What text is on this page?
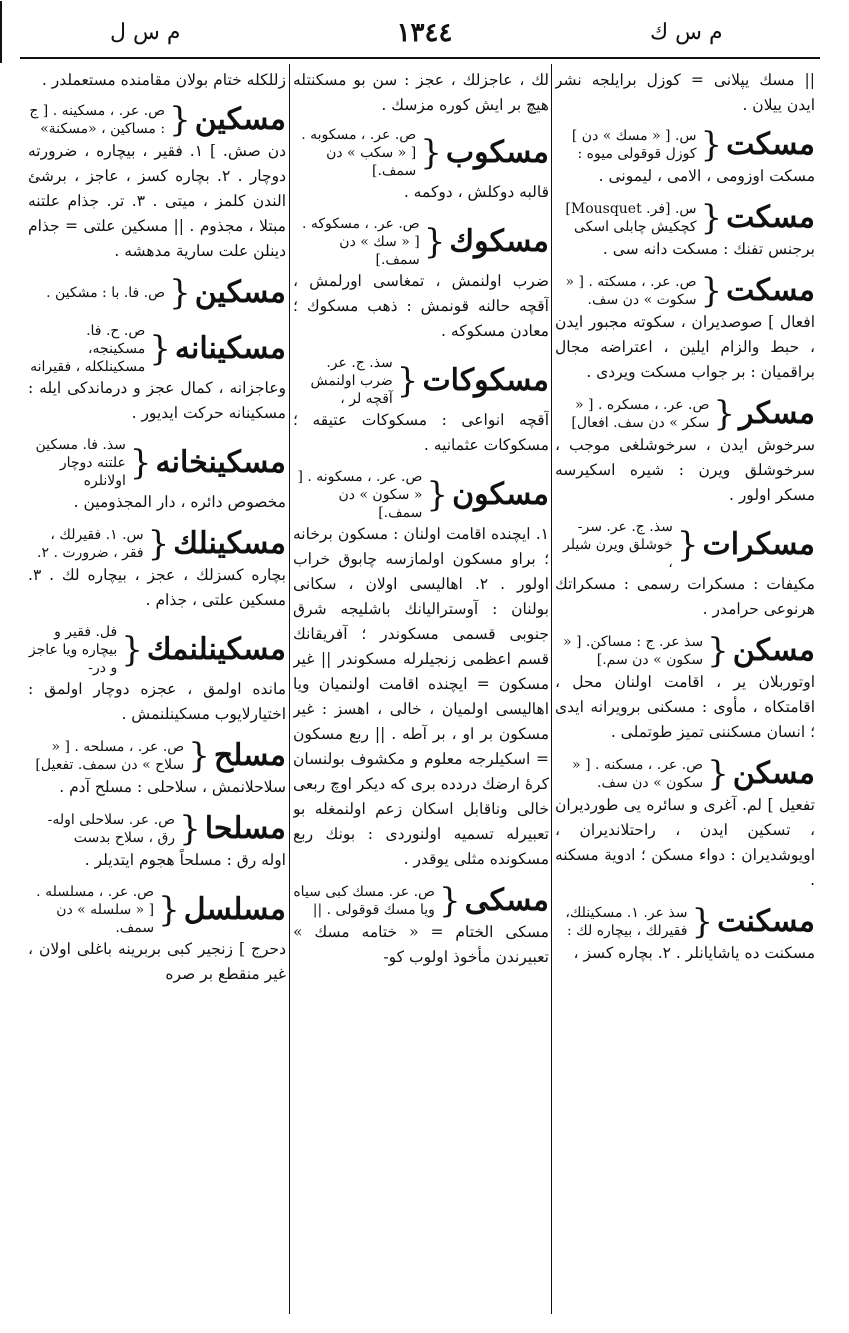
م س ل	١٣٤٤	م س ك

|| مسك يپلانى = كوزل برايلجه نشر ايدن ييلان .

مسكت
{
س. [ « مسك » دن ] كوزل قوقولى ميوه :

مسكت اوزومى ، الامى ، ليمونى .

مسكت
{
س. [فر. Mousquet] كچكيش چابلى اسكى

برجنس تفنك : مسكت دانه سى .

مسكت
{
ص. عر. ، مسكته . [ « سكوت » دن سف.

افعال ] صوصديران ، سكوته مجبور ايدن ، حبط والزام ايلين ، اعتراضه مجال براقميان : بر جواب مسكت ويردى .

مسكر
{
ص. عر. ، مسكره . [ « سكر » دن سف. افعال]

سرخوش ايدن ، سرخوشلغى موجب ، سرخوشلق ويرن : شيره اسكيرسه مسكر اولور .

مسكرات
{
سذ. ج. عر. سر- خوشلق ويرن شيلر ،

مكيفات : مسكرات رسمى : مسكراتك هرنوعى حرامدر .

مسكن
{
سذ عر. ج : مساكن. [ « سكون » دن سم.]

اوتوربلان ير ، اقامت اولنان محل ، اقامتكاه ، مأوى : مسكنى برويرانه ايدى ؛ انسان مسكننى تميز طوتملى .

مسكن
{
ص. عر. ، مسكنه . [ « سكون » دن سف.

تفعيل ] لم. آغرى و سائره يى طورديران ، تسكين ايدن ، راحتلانديران ، اويوشديران : دواء مسكن ؛ ادوية مسكنه .

مسكنت
{
سذ عر. ١. مسكينلك، فقيرلك ، بيچاره لك :

مسكنت ده ياشايانلر . ٢. بچاره كسز ،

لك ، عاجزلك ، عجز : سن بو مسكنتله هيچ بر ايش كوره مزسك .

مسكوب
{
ص. عر. ، مسكوبه . [ « سكب » دن سمف.]

قالبه دوكلش ، دوكمه .

مسكوك
{
ص. عر. ، مسكوكه . [ « سك » دن سمف.]

ضرب اولنمش ، تمغاسى اورلمش ، آقچه حالنه قونمش : ذهب مسكوك ؛ معادن مسكوكه .

مسكوكات
{
سذ. ج. عر. ضرب اولنمش آقچه لر ،

آقچه انواعى : مسكوكات عتيقه ؛ مسكوكات عثمانيه .

مسكون
{
ص. عر. ، مسكونه . [ « سكون » دن سمف.]

١. ايچنده اقامت اولنان : مسكون برخانه ؛ براو مسكون اولمازسه چابوق خراب اولور . ٢. اهاليسى اولان ، سكانى بولنان : آوستراليانك باشليجه شرق جنوبى قسمى مسكوندر ؛ آفريقانك قسم اعظمى زنجيلرله مسكوندر || غير مسكون = ايچنده اقامت اولنميان ويا اهاليسى اولميان ، خالى ، اهسز : غير مسكون بر او ، بر آطه . || ربع مسكون = اسكيلرجه معلوم و مكشوف بولنسان كرهٔ ارضك دردده برى كه ديكر اوچ ربعى خالى وناقابل اسكان زعم اولنمغله بو تعبيرله تسميه اولنوردى : بونك ربع مسكونده مثلى يوقدر .

مسكى
{
ص. عر. مسك كبى سياه ويا مسك قوقولى . ||

مسكى الختام = « ختامه مسك » تعبيرندن مأخوذ اولوب كو-

زللكله ختام بولان مقامنده مستعملدر .

مسكين
{
ص. عر. ، مسكينه . [ ج : مساكين ، «مسكنة»

دن صش. ] ١. فقير ، بيچاره ، ضرورته دوچار . ٢. بچاره كسز ، عاجز ، برشئ الندن كلمز ، ميتى . ٣. تر. جذام علتنه مبتلا ، مجذوم . || مسكين علتى = جذام دينلن علت سارية مدهشه .

مسكين
{
ص. فا. با : مشكين .
مسكينانه
{
ص. ح. فا. مسكينجه، مسكينلكله ، فقيرانه

وعاجزانه ، كمال عجز و درماندكى ايله : مسكينانه حركت ايديور .

مسكينخانه
{
سذ. فا. مسكين علتنه دوچار اولانلره

مخصوص دائره ، دار المجذومين .

مسكينلك
{
س. ١. فقيرلك ، فقر ، ضرورت . ٢.

بچاره كسزلك ، عجز ، بيچاره لك . ٣. مسكين علتى ، جذام .

مسكينلنمك
{
فل. فقير و بيچاره ويا عاجز و در-

مانده اولمق ، عجزه دوچار اولمق : اختيارلايوب مسكينلنمش .

مسلح
{
ص. عر. ، مسلحه . [ « سلاح » دن سمف. تفعيل]

سلاحلانمش ، سلاحلى : مسلح آدم .

مسلحا
{
ص. عر. سلاحلى اوله- رق ، سلاح بدست

اوله رق : مسلحاً هجوم ايتديلر .

مسلسل
{
ص. عر. ، مسلسله . [ « سلسله » دن سمف.

دحرج ] زنجير كبى بربرينه باغلى اولان ، غير منقطع بر صره
